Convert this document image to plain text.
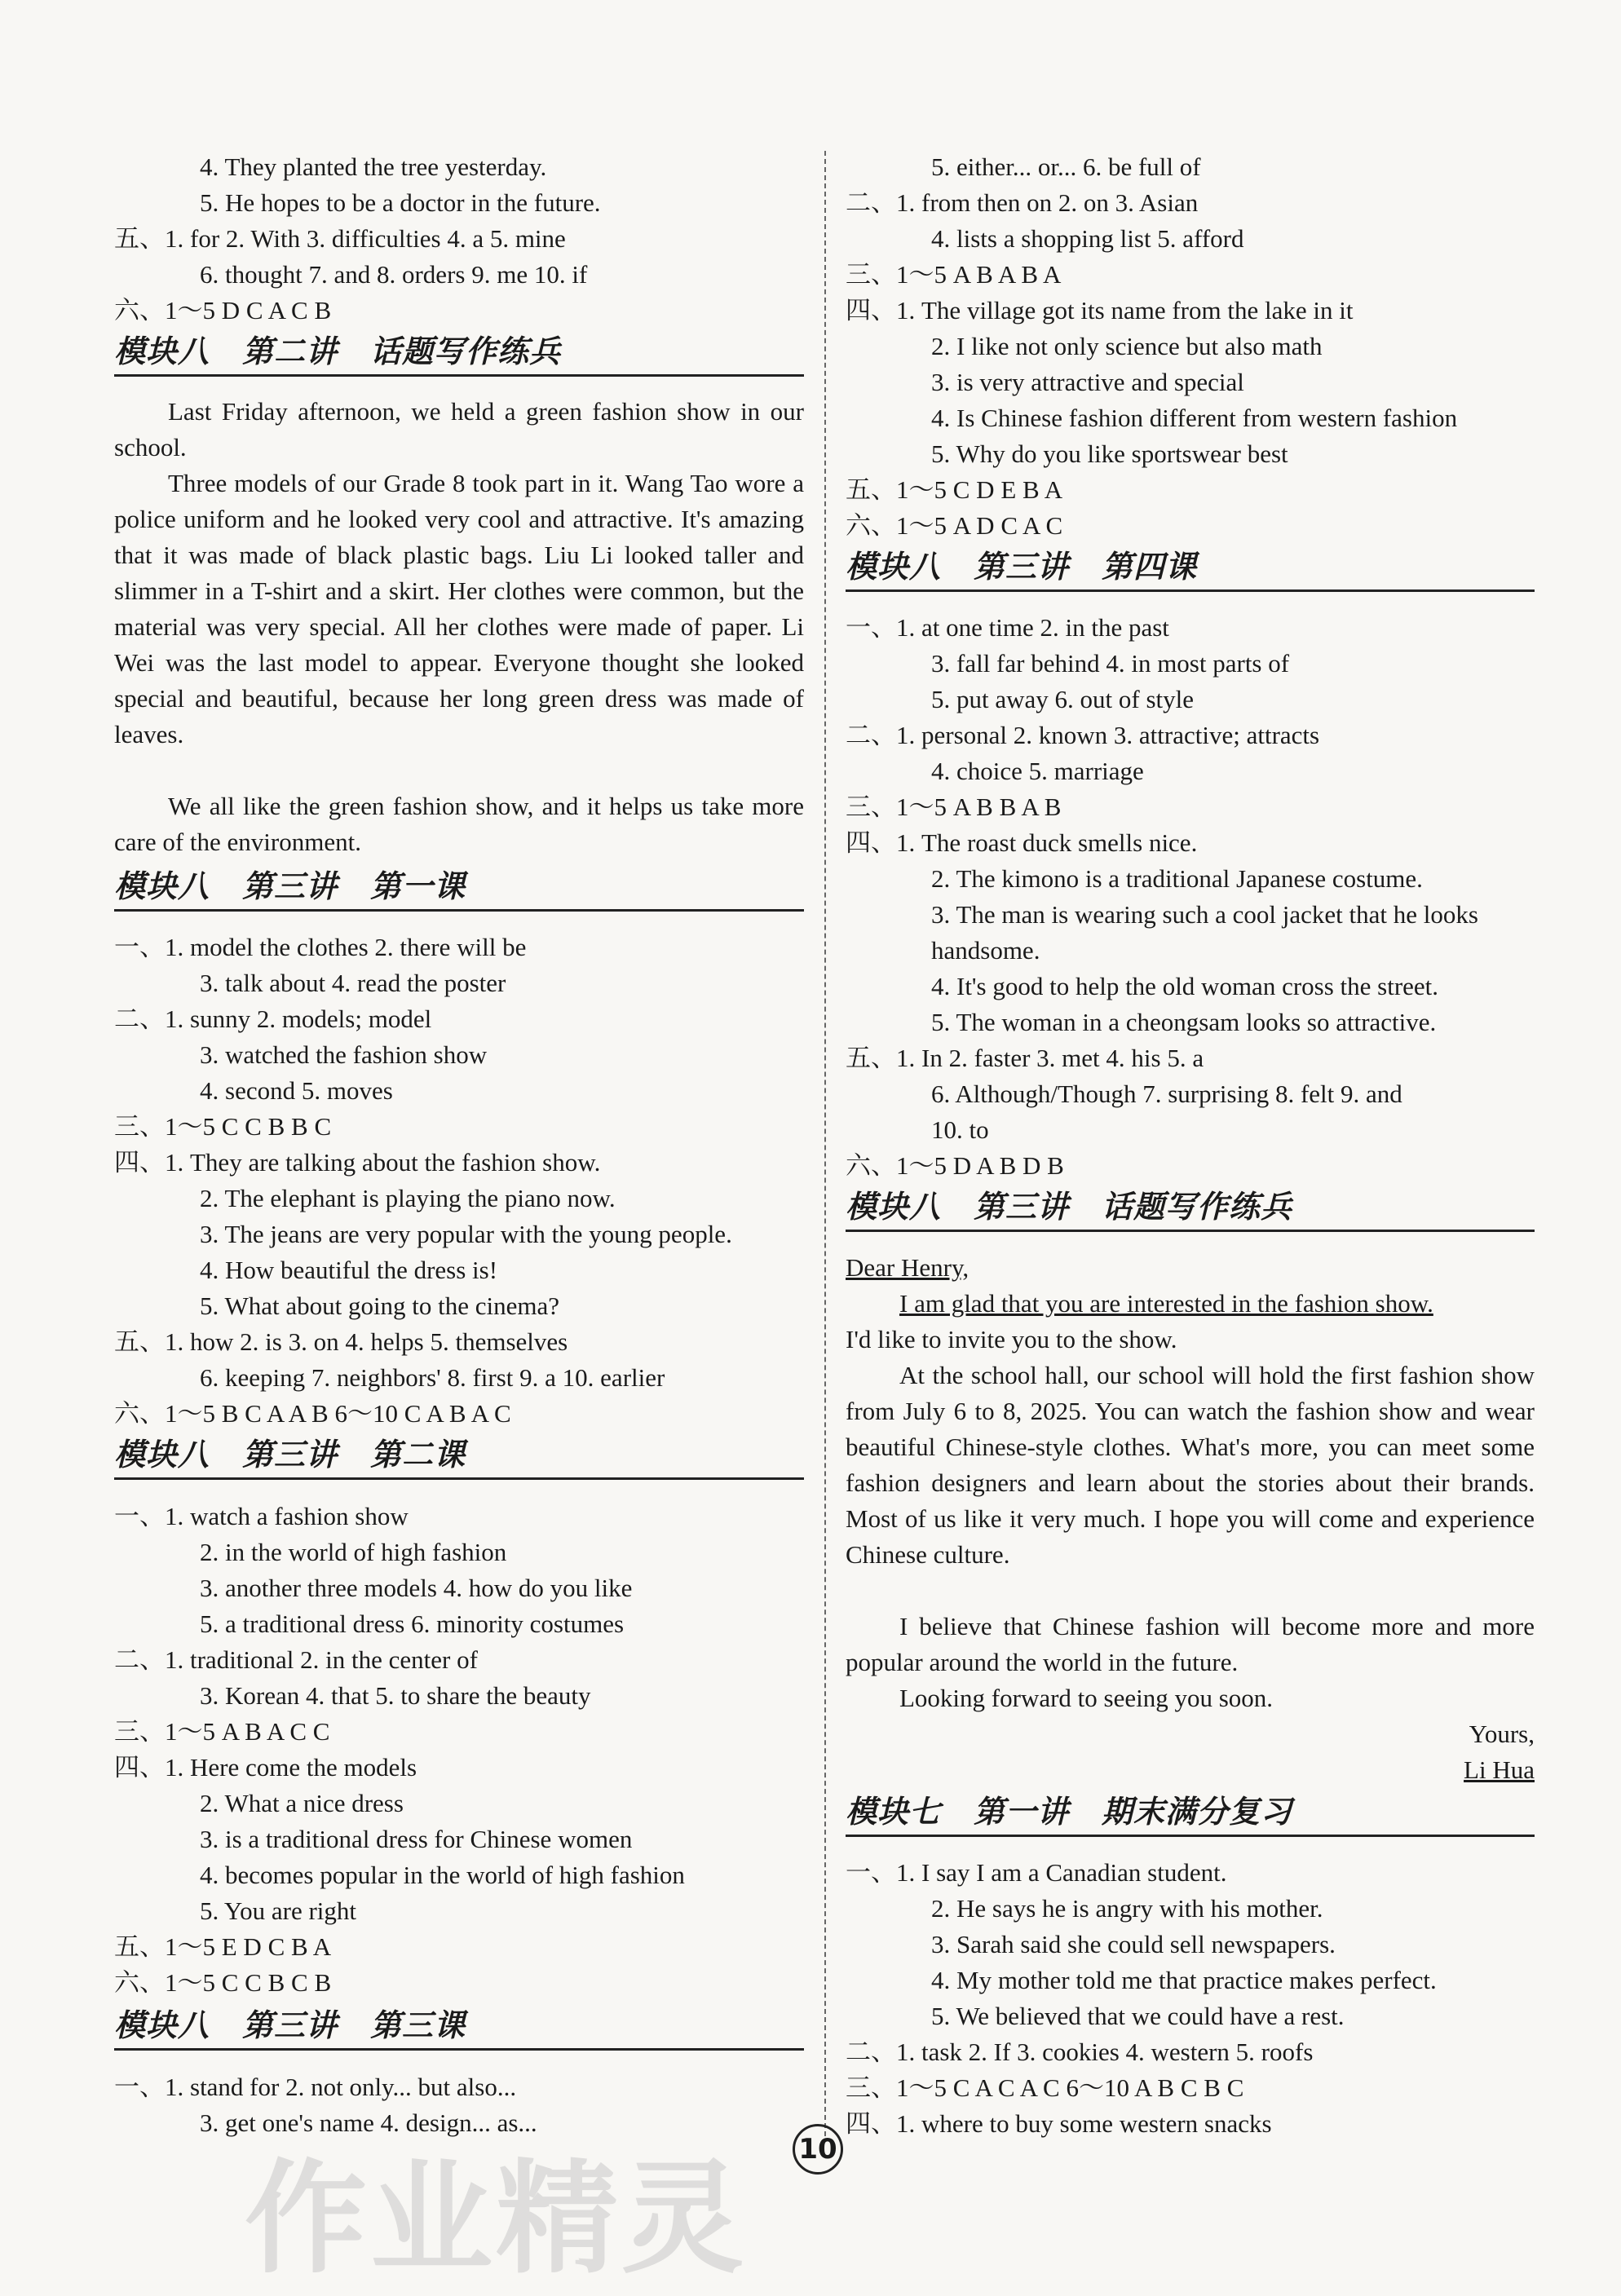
4. They planted the tree yesterday.
5. He hopes to be a doctor in the future.
五、1. for 2. With 3. difficulties 4. a 5. mine
6. thought 7. and 8. orders 9. me 10. if
六、1～5 D C A C B
模块八 第二讲 话题写作练兵
Last Friday afternoon, we held a green fashion show in our school.
Three models of our Grade 8 took part in it. Wang Tao wore a police uniform and he looked very cool and attractive. It's amazing that it was made of black plastic bags. Liu Li looked taller and slimmer in a T-shirt and a skirt. Her clothes were common, but the material was very special. All her clothes were made of paper. Li Wei was the last model to appear. Everyone thought she looked special and beautiful, because her long green dress was made of leaves.
We all like the green fashion show, and it helps us take more care of the environment.
模块八 第三讲 第一课
一、1. model the clothes 2. there will be
3. talk about 4. read the poster
二、1. sunny 2. models; model
3. watched the fashion show
4. second 5. moves
三、1～5 C C B B C
四、1. They are talking about the fashion show.
2. The elephant is playing the piano now.
3. The jeans are very popular with the young people.
4. How beautiful the dress is!
5. What about going to the cinema?
五、1. how 2. is 3. on 4. helps 5. themselves
6. keeping 7. neighbors' 8. first 9. a 10. earlier
六、1～5 B C A A B 6～10 C A B A C
模块八 第三讲 第二课
一、1. watch a fashion show
2. in the world of high fashion
3. another three models 4. how do you like
5. a traditional dress 6. minority costumes
二、1. traditional 2. in the center of
3. Korean 4. that 5. to share the beauty
三、1～5 A B A C C
四、1. Here come the models
2. What a nice dress
3. is a traditional dress for Chinese women
4. becomes popular in the world of high fashion
5. You are right
五、1～5 E D C B A
六、1～5 C C B C B
模块八 第三讲 第三课
一、1. stand for 2. not only... but also...
3. get one's name 4. design... as...
5. either... or... 6. be full of
二、1. from then on 2. on 3. Asian
4. lists a shopping list 5. afford
三、1～5 A B A B A
四、1. The village got its name from the lake in it
2. I like not only science but also math
3. is very attractive and special
4. Is Chinese fashion different from western fashion
5. Why do you like sportswear best
五、1～5 C D E B A
六、1～5 A D C A C
模块八 第三讲 第四课
一、1. at one time 2. in the past
3. fall far behind 4. in most parts of
5. put away 6. out of style
二、1. personal 2. known 3. attractive; attracts
4. choice 5. marriage
三、1～5 A B B A B
四、1. The roast duck smells nice.
2. The kimono is a traditional Japanese costume.
3. The man is wearing such a cool jacket that he looks
handsome.
4. It's good to help the old woman cross the street.
5. The woman in a cheongsam looks so attractive.
五、1. In 2. faster 3. met 4. his 5. a
6. Although/Though 7. surprising 8. felt 9. and
10. to
六、1～5 D A B D B
模块八 第三讲 话题写作练兵
Dear Henry,
I am glad that you are interested in the fashion show.
I'd like to invite you to the show.
At the school hall, our school will hold the first fashion show from July 6 to 8, 2025. You can watch the fashion show and wear beautiful Chinese-style clothes. What's more, you can meet some fashion designers and learn about the stories about their brands. Most of us like it very much. I hope you will come and experience Chinese culture.
I believe that Chinese fashion will become more and more popular around the world in the future.
Looking forward to seeing you soon.
Yours,
Li Hua
模块七 第一讲 期末满分复习
一、1. I say I am a Canadian student.
2. He says he is angry with his mother.
3. Sarah said she could sell newspapers.
4. My mother told me that practice makes perfect.
5. We believed that we could have a rest.
二、1. task 2. If 3. cookies 4. western 5. roofs
三、1～5 C A C A C 6～10 A B C B C
四、1. where to buy some western snacks
10
作业精灵
